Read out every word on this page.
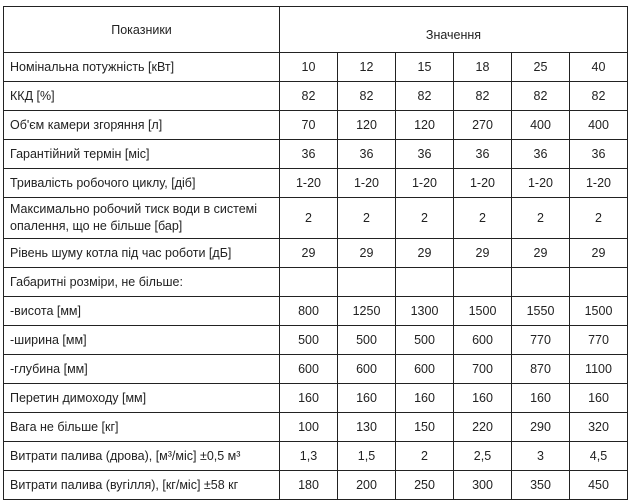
Показники	Значення					
Номінальна потужність [кВт]	10	12	15	18	25	40
ККД [%]	82	82	82	82	82	82
Об'єм камери згоряння [л]	70	120	120	270	400	400
Гарантійний термін [міс]	36	36	36	36	36	36
Тривалість робочого циклу, [діб]	1-20	1-20	1-20	1-20	1-20	1-20
Максимально робочий тиск води в системі опалення, що не більше [бар]	2	2	2	2	2	2
Рівень шуму котла під час роботи [дБ]	29	29	29	29	29	29
Габаритні розміри, не більше:						
-висота [мм]	800	1250	1300	1500	1550	1500
-ширина [мм]	500	500	500	600	770	770
-глубина [мм]	600	600	600	700	870	1100
Перетин димоходу [мм]	160	160	160	160	160	160
Вага не більше [кг]	100	130	150	220	290	320
Витрати палива (дрова), [м³/міс] ±0,5 м³	1,3	1,5	2	2,5	3	4,5
Витрати палива (вугілля), [кг/міс] ±58 кг	180	200	250	300	350	450
